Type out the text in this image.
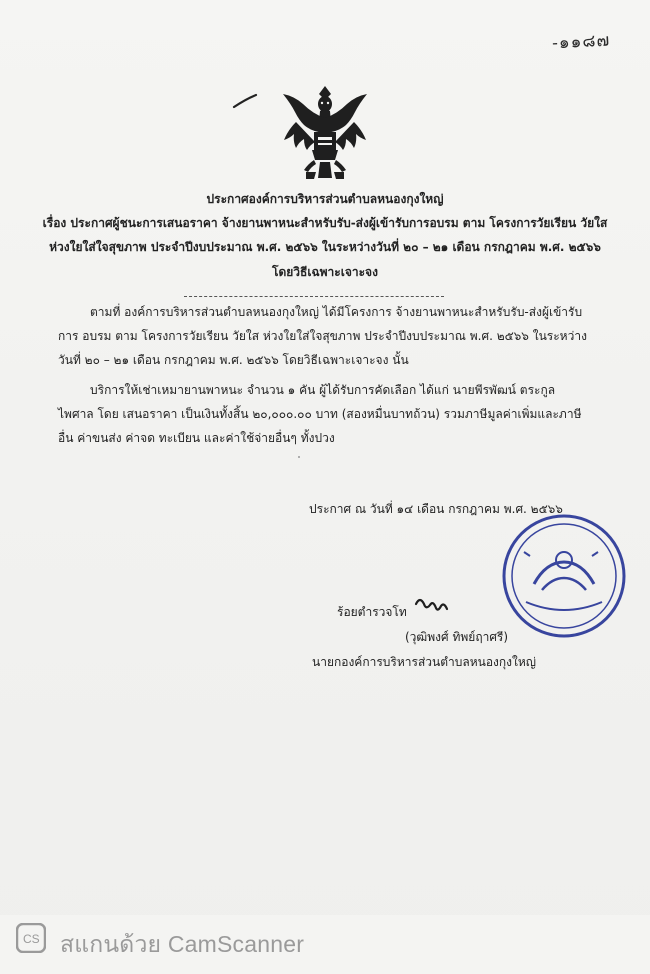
-๑๑๘๗
ประกาศองค์การบริหารส่วนตำบลหนองกุงใหญ่
เรื่อง ประกาศผู้ชนะการเสนอราคา จ้างยานพาหนะสำหรับรับ-ส่งผู้เข้ารับการอบรม ตาม โครงการวัยเรียน วัยใส
ห่วงใยใส่ใจสุขภาพ ประจำปีงบประมาณ พ.ศ. ๒๕๖๖ ในระหว่างวันที่ ๒๐ – ๒๑ เดือน กรกฎาคม พ.ศ. ๒๕๖๖
โดยวิธีเฉพาะเจาะจง
ตามที่ องค์การบริหารส่วนตำบลหนองกุงใหญ่ ได้มีโครงการ จ้างยานพาหนะสำหรับรับ-ส่งผู้เข้ารับการ อบรม ตาม โครงการวัยเรียน วัยใส ห่วงใยใส่ใจสุขภาพ ประจำปีงบประมาณ พ.ศ. ๒๕๖๖ ในระหว่างวันที่ ๒๐ – ๒๑ เดือน กรกฎาคม พ.ศ. ๒๕๖๖ โดยวิธีเฉพาะเจาะจง นั้น
บริการให้เช่าเหมายานพาหนะ จำนวน ๑ คัน ผู้ได้รับการคัดเลือก ได้แก่ นายพีรพัฒน์ ตระกูลไพศาล โดย เสนอราคา เป็นเงินทั้งสิ้น ๒๐,๐๐๐.๐๐ บาท (สองหมื่นบาทถ้วน) รวมภาษีมูลค่าเพิ่มและภาษีอื่น ค่าขนส่ง ค่าจด ทะเบียน และค่าใช้จ่ายอื่นๆ ทั้งปวง
ประกาศ ณ วันที่ ๑๔ เดือน กรกฎาคม พ.ศ. ๒๕๖๖
ร้อยตำรวจโท
(วุฒิพงศ์ ทิพย์ฤาศรี)
นายกองค์การบริหารส่วนตำบลหนองกุงใหญ่
CS สแกนด้วย CamScanner
